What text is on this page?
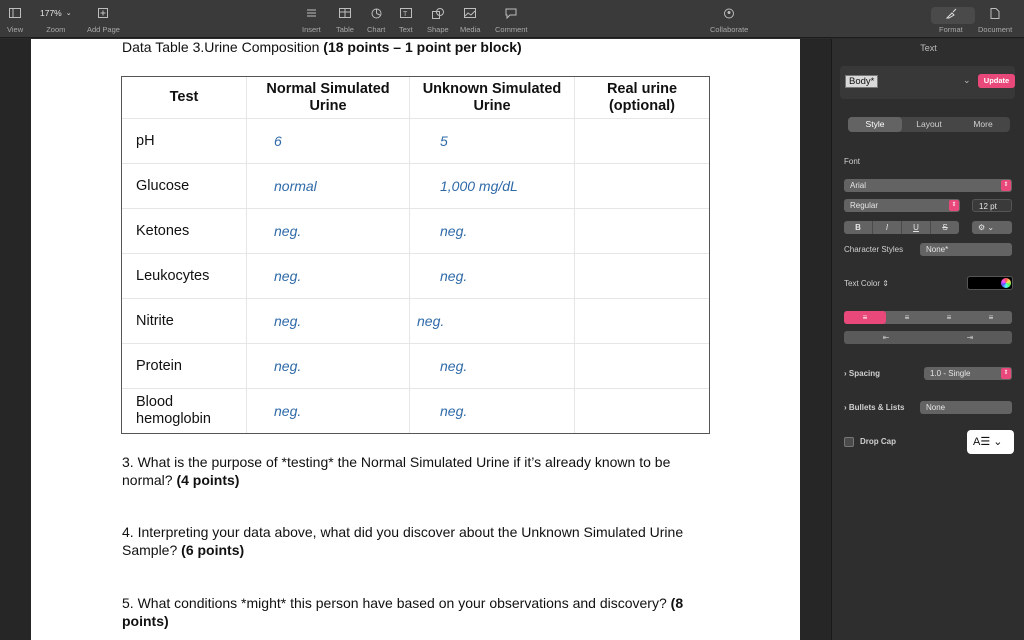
View
177% ⌄
Zoom	Add Page	Insert Table Chart
T
Text Shape Media Comment	Collaborate	Format Document
Data Table 3.Urine Composition (18 points – 1 point per block)
Test	Normal Simulated Urine	Unknown Simulated Urine	Real urine (optional)
pH	6	5	
Glucose	normal	1,000 mg/dL	
Ketones	neg.	neg.	
Leukocytes	neg.	neg.	
Nitrite	neg.	neg.	
Protein	neg.	neg.	
Blood hemoglobin	neg.	neg.	
3. What is the purpose of *testing* the Normal Simulated Urine if it’s already known to be normal? (4 points)
4. Interpreting your data above, what did you discover about the Unknown Simulated Urine Sample? (6 points)
5. What conditions *might* this person have based on your observations and discovery? (8 points)
Text
Body*	⌄	Update
Style	Layout	More
Font
Arial	⇕
Regular	⇕	12 pt
B	I	U	S	⚙ ⌄
Character Styles	None*
Text Color ⇕
≡	≡	≡	≡
⇤	⇥
› Spacing	1.0 - Single	⇕
› Bullets & Lists	None
Drop Cap	A☰ ⌄
